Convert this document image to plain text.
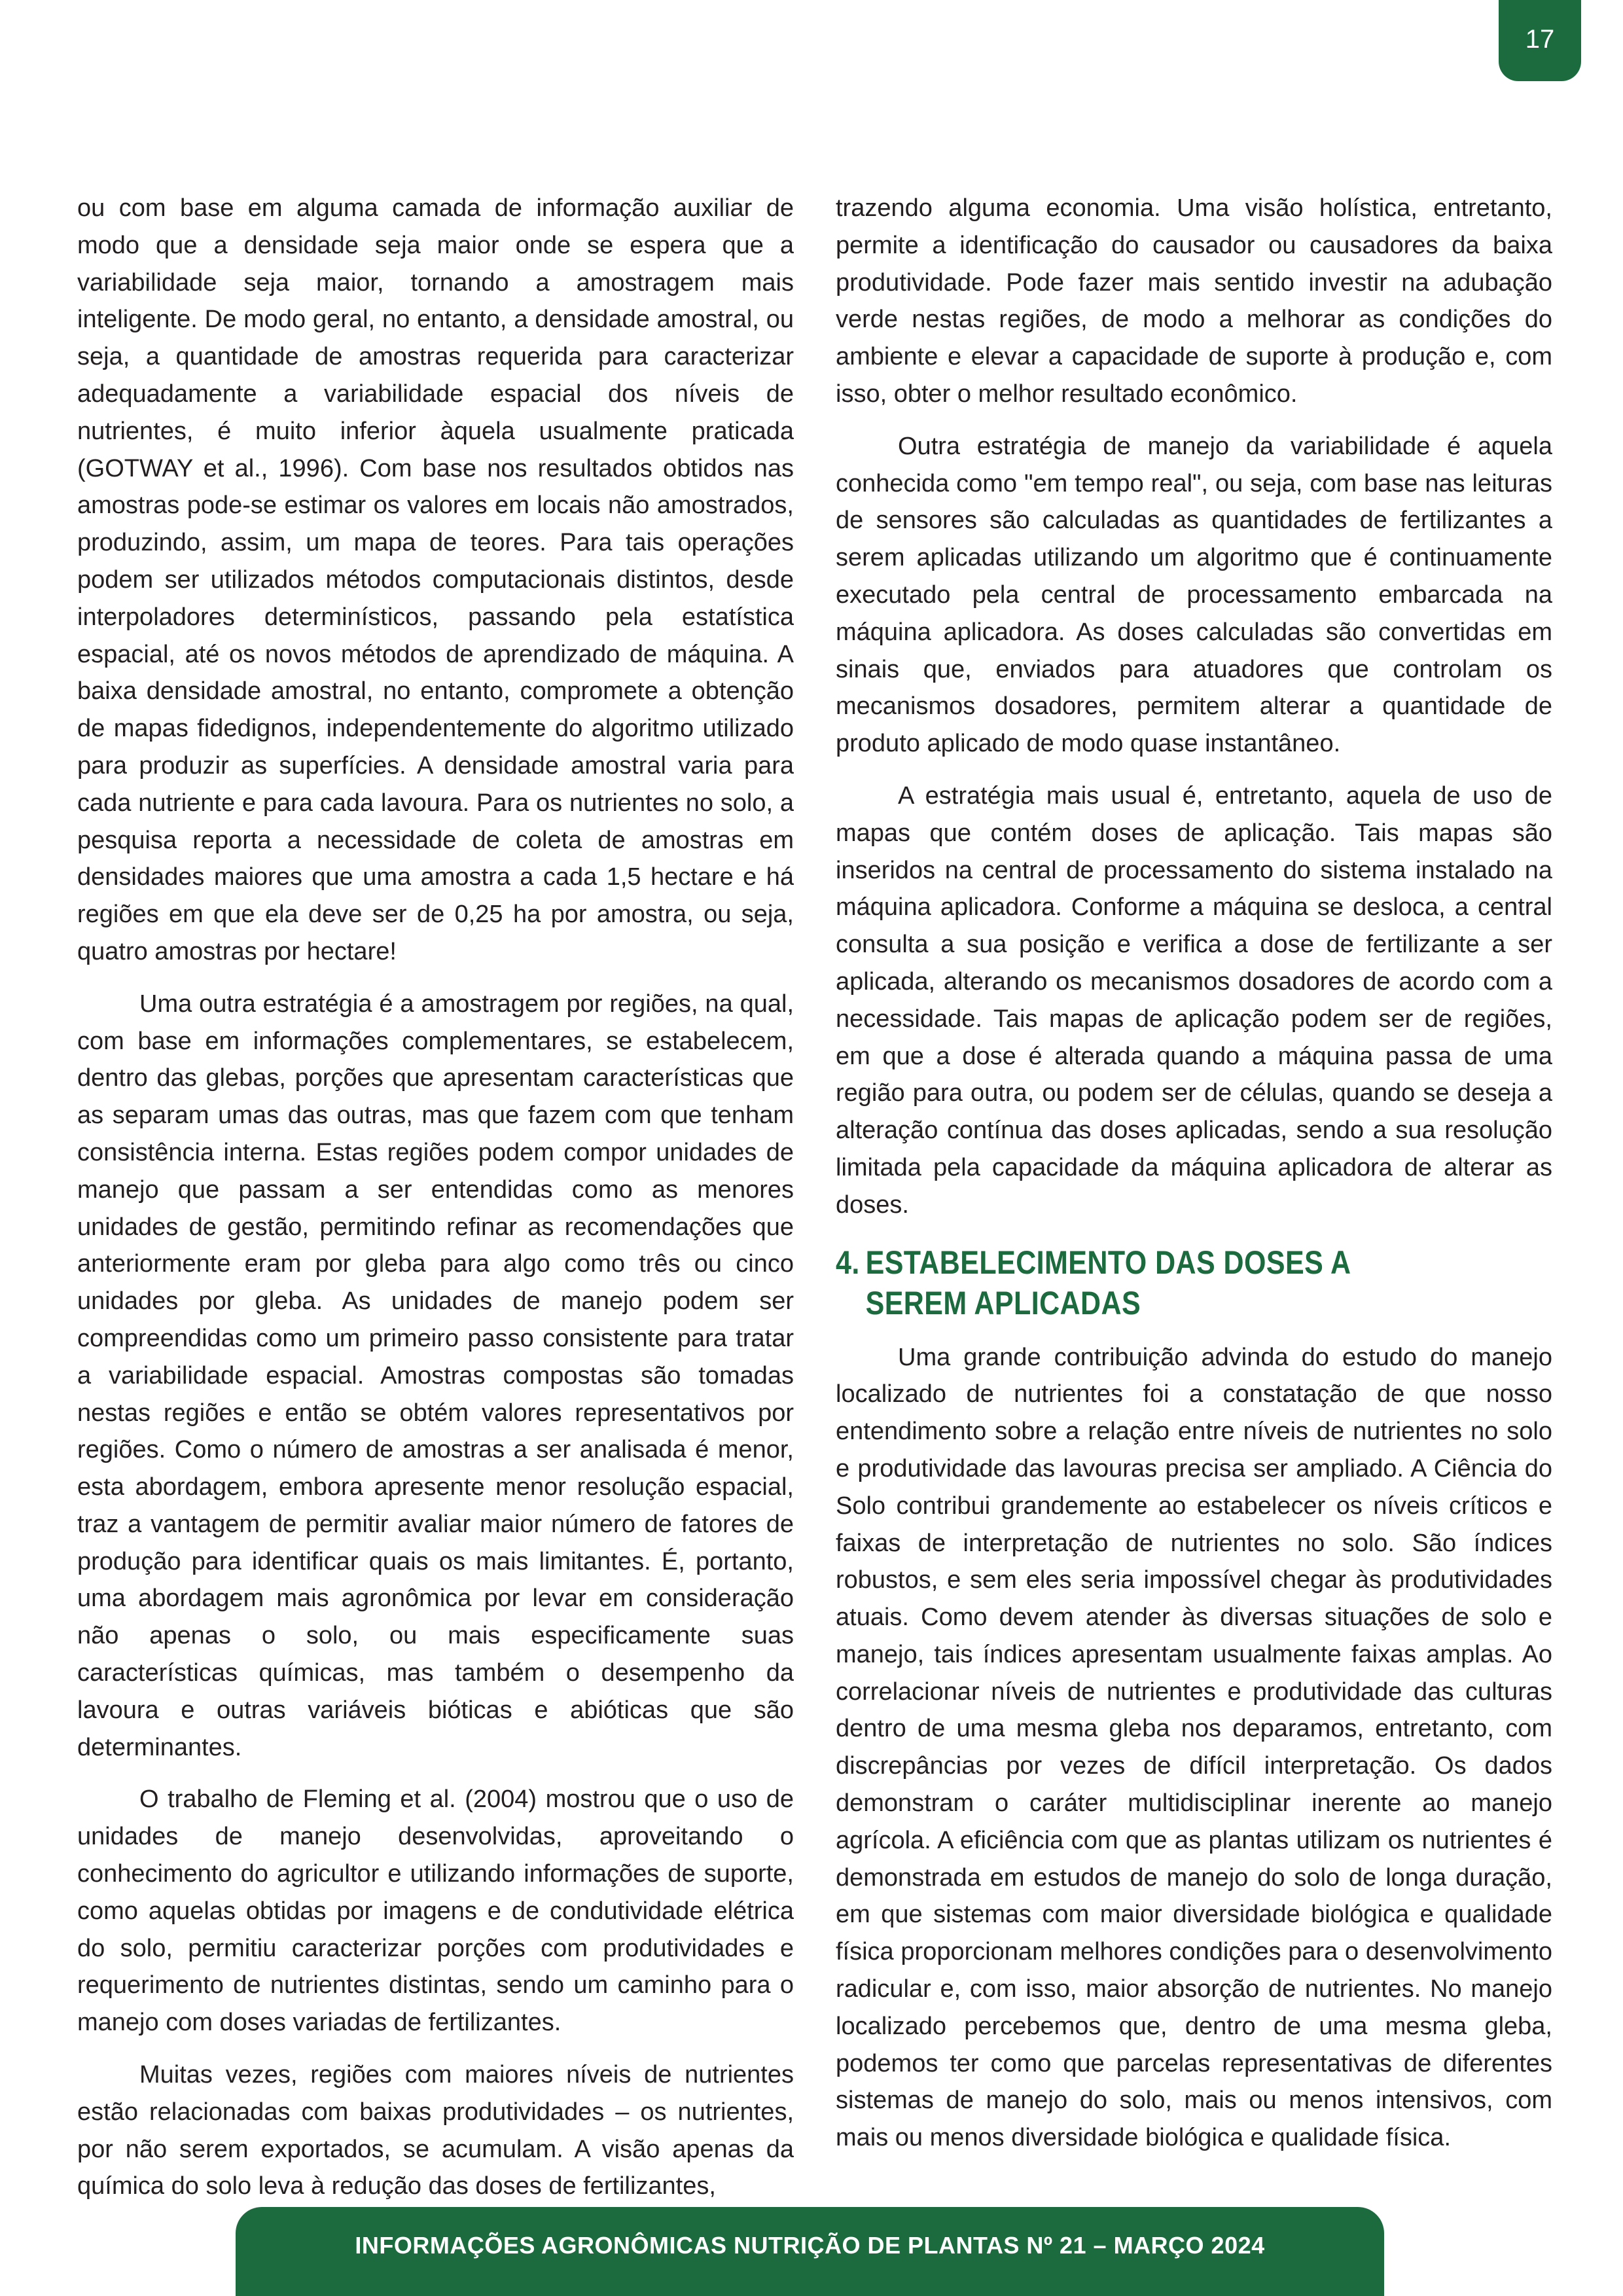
17

ou com base em alguma camada de informação auxiliar de modo que a densidade seja maior onde se espera que a variabilidade seja maior, tornando a amostragem mais inteligente. De modo geral, no entanto, a densidade amostral, ou seja, a quantidade de amostras requerida para caracterizar adequadamente a variabilidade espacial dos níveis de nutrientes, é muito inferior àquela usualmente praticada (GOTWAY et al., 1996). Com base nos resultados obtidos nas amostras pode-se estimar os valores em locais não amostrados, produzindo, assim, um mapa de teores. Para tais operações podem ser utilizados métodos computacionais distintos, desde interpoladores determinísticos, passando pela estatística espacial, até os novos métodos de aprendizado de máquina. A baixa densidade amostral, no entanto, compromete a obtenção de mapas fidedignos, independentemente do algoritmo utilizado para produzir as superfícies. A densidade amostral varia para cada nutriente e para cada lavoura. Para os nutrientes no solo, a pesquisa reporta a necessidade de coleta de amostras em densidades maiores que uma amostra a cada 1,5 hectare e há regiões em que ela deve ser de 0,25 ha por amostra, ou seja, quatro amostras por hectare!

Uma outra estratégia é a amostragem por regiões, na qual, com base em informações complementares, se estabelecem, dentro das glebas, porções que apresentam características que as separam umas das outras, mas que fazem com que tenham consistência interna. Estas regiões podem compor unidades de manejo que passam a ser entendidas como as menores unidades de gestão, permitindo refinar as recomendações que anteriormente eram por gleba para algo como três ou cinco unidades por gleba. As unidades de manejo podem ser compreendidas como um primeiro passo consistente para tratar a variabilidade espacial. Amostras compostas são tomadas nestas regiões e então se obtém valores representativos por regiões. Como o número de amostras a ser analisada é menor, esta abordagem, embora apresente menor resolução espacial, traz a vantagem de permitir avaliar maior número de fatores de produção para identificar quais os mais limitantes. É, portanto, uma abordagem mais agronômica por levar em consideração não apenas o solo, ou mais especificamente suas características químicas, mas também o desempenho da lavoura e outras variáveis bióticas e abióticas que são determinantes.

O trabalho de Fleming et al. (2004) mostrou que o uso de unidades de manejo desenvolvidas, aproveitando o conhecimento do agricultor e utilizando informações de suporte, como aquelas obtidas por imagens e de condutividade elétrica do solo, permitiu caracterizar porções com produtividades e requerimento de nutrientes distintas, sendo um caminho para o manejo com doses variadas de fertilizantes.

Muitas vezes, regiões com maiores níveis de nutrientes estão relacionadas com baixas produtividades – os nutrientes, por não serem exportados, se acumulam. A visão apenas da química do solo leva à redução das doses de fertilizantes,

trazendo alguma economia. Uma visão holística, entretanto, permite a identificação do causador ou causadores da baixa produtividade. Pode fazer mais sentido investir na adubação verde nestas regiões, de modo a melhorar as condições do ambiente e elevar a capacidade de suporte à produção e, com isso, obter o melhor resultado econômico.

Outra estratégia de manejo da variabilidade é aquela conhecida como "em tempo real", ou seja, com base nas leituras de sensores são calculadas as quantidades de fertilizantes a serem aplicadas utilizando um algoritmo que é continuamente executado pela central de processamento embarcada na máquina aplicadora. As doses calculadas são convertidas em sinais que, enviados para atuadores que controlam os mecanismos dosadores, permitem alterar a quantidade de produto aplicado de modo quase instantâneo.

A estratégia mais usual é, entretanto, aquela de uso de mapas que contém doses de aplicação. Tais mapas são inseridos na central de processamento do sistema instalado na máquina aplicadora. Conforme a máquina se desloca, a central consulta a sua posição e verifica a dose de fertilizante a ser aplicada, alterando os mecanismos dosadores de acordo com a necessidade. Tais mapas de aplicação podem ser de regiões, em que a dose é alterada quando a máquina passa de uma região para outra, ou podem ser de células, quando se deseja a alteração contínua das doses aplicadas, sendo a sua resolução limitada pela capacidade da máquina aplicadora de alterar as doses.

4. ESTABELECIMENTO DAS DOSES A
SEREM APLICADAS

Uma grande contribuição advinda do estudo do manejo localizado de nutrientes foi a constatação de que nosso entendimento sobre a relação entre níveis de nutrientes no solo e produtividade das lavouras precisa ser ampliado. A Ciência do Solo contribui grandemente ao estabelecer os níveis críticos e faixas de interpretação de nutrientes no solo. São índices robustos, e sem eles seria impossível chegar às produtividades atuais. Como devem atender às diversas situações de solo e manejo, tais índices apresentam usualmente faixas amplas. Ao correlacionar níveis de nutrientes e produtividade das culturas dentro de uma mesma gleba nos deparamos, entretanto, com discrepâncias por vezes de difícil interpretação. Os dados demonstram o caráter multidisciplinar inerente ao manejo agrícola. A eficiência com que as plantas utilizam os nutrientes é demonstrada em estudos de manejo do solo de longa duração, em que sistemas com maior diversidade biológica e qualidade física proporcionam melhores condições para o desenvolvimento radicular e, com isso, maior absorção de nutrientes. No manejo localizado percebemos que, dentro de uma mesma gleba, podemos ter como que parcelas representativas de diferentes sistemas de manejo do solo, mais ou menos intensivos, com mais ou menos diversidade biológica e qualidade física.

INFORMAÇÕES AGRONÔMICAS NUTRIÇÃO DE PLANTAS Nº 21 – MARÇO 2024
